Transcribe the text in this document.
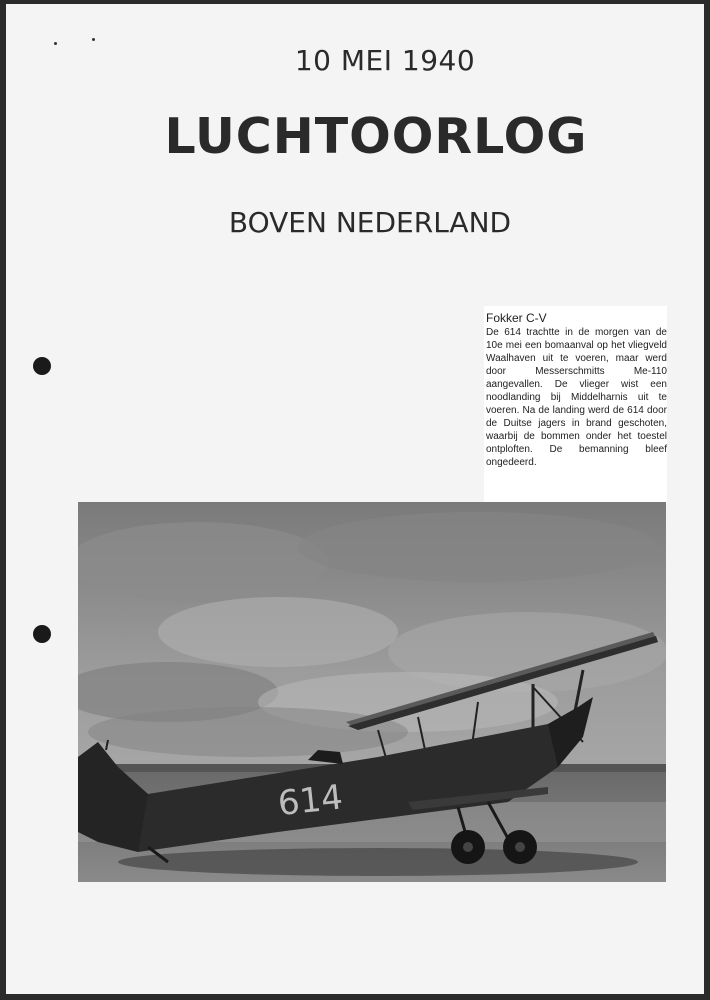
10 MEI 1940
LUCHTOORLOG
BOVEN NEDERLAND
Fokker C-V
De 614 trachtte in de morgen van de 10e mei een bomaanval op het vliegveld Waalhaven uit te voeren, maar werd door Messerschmitts Me-110 aangevallen. De vlieger wist een noodlanding bij Middelharnis uit te voeren. Na de landing werd de 614 door de Duitse jagers in brand geschoten, waarbij de bommen onder het toestel ontploften. De bemanning bleef ongedeerd.
614
